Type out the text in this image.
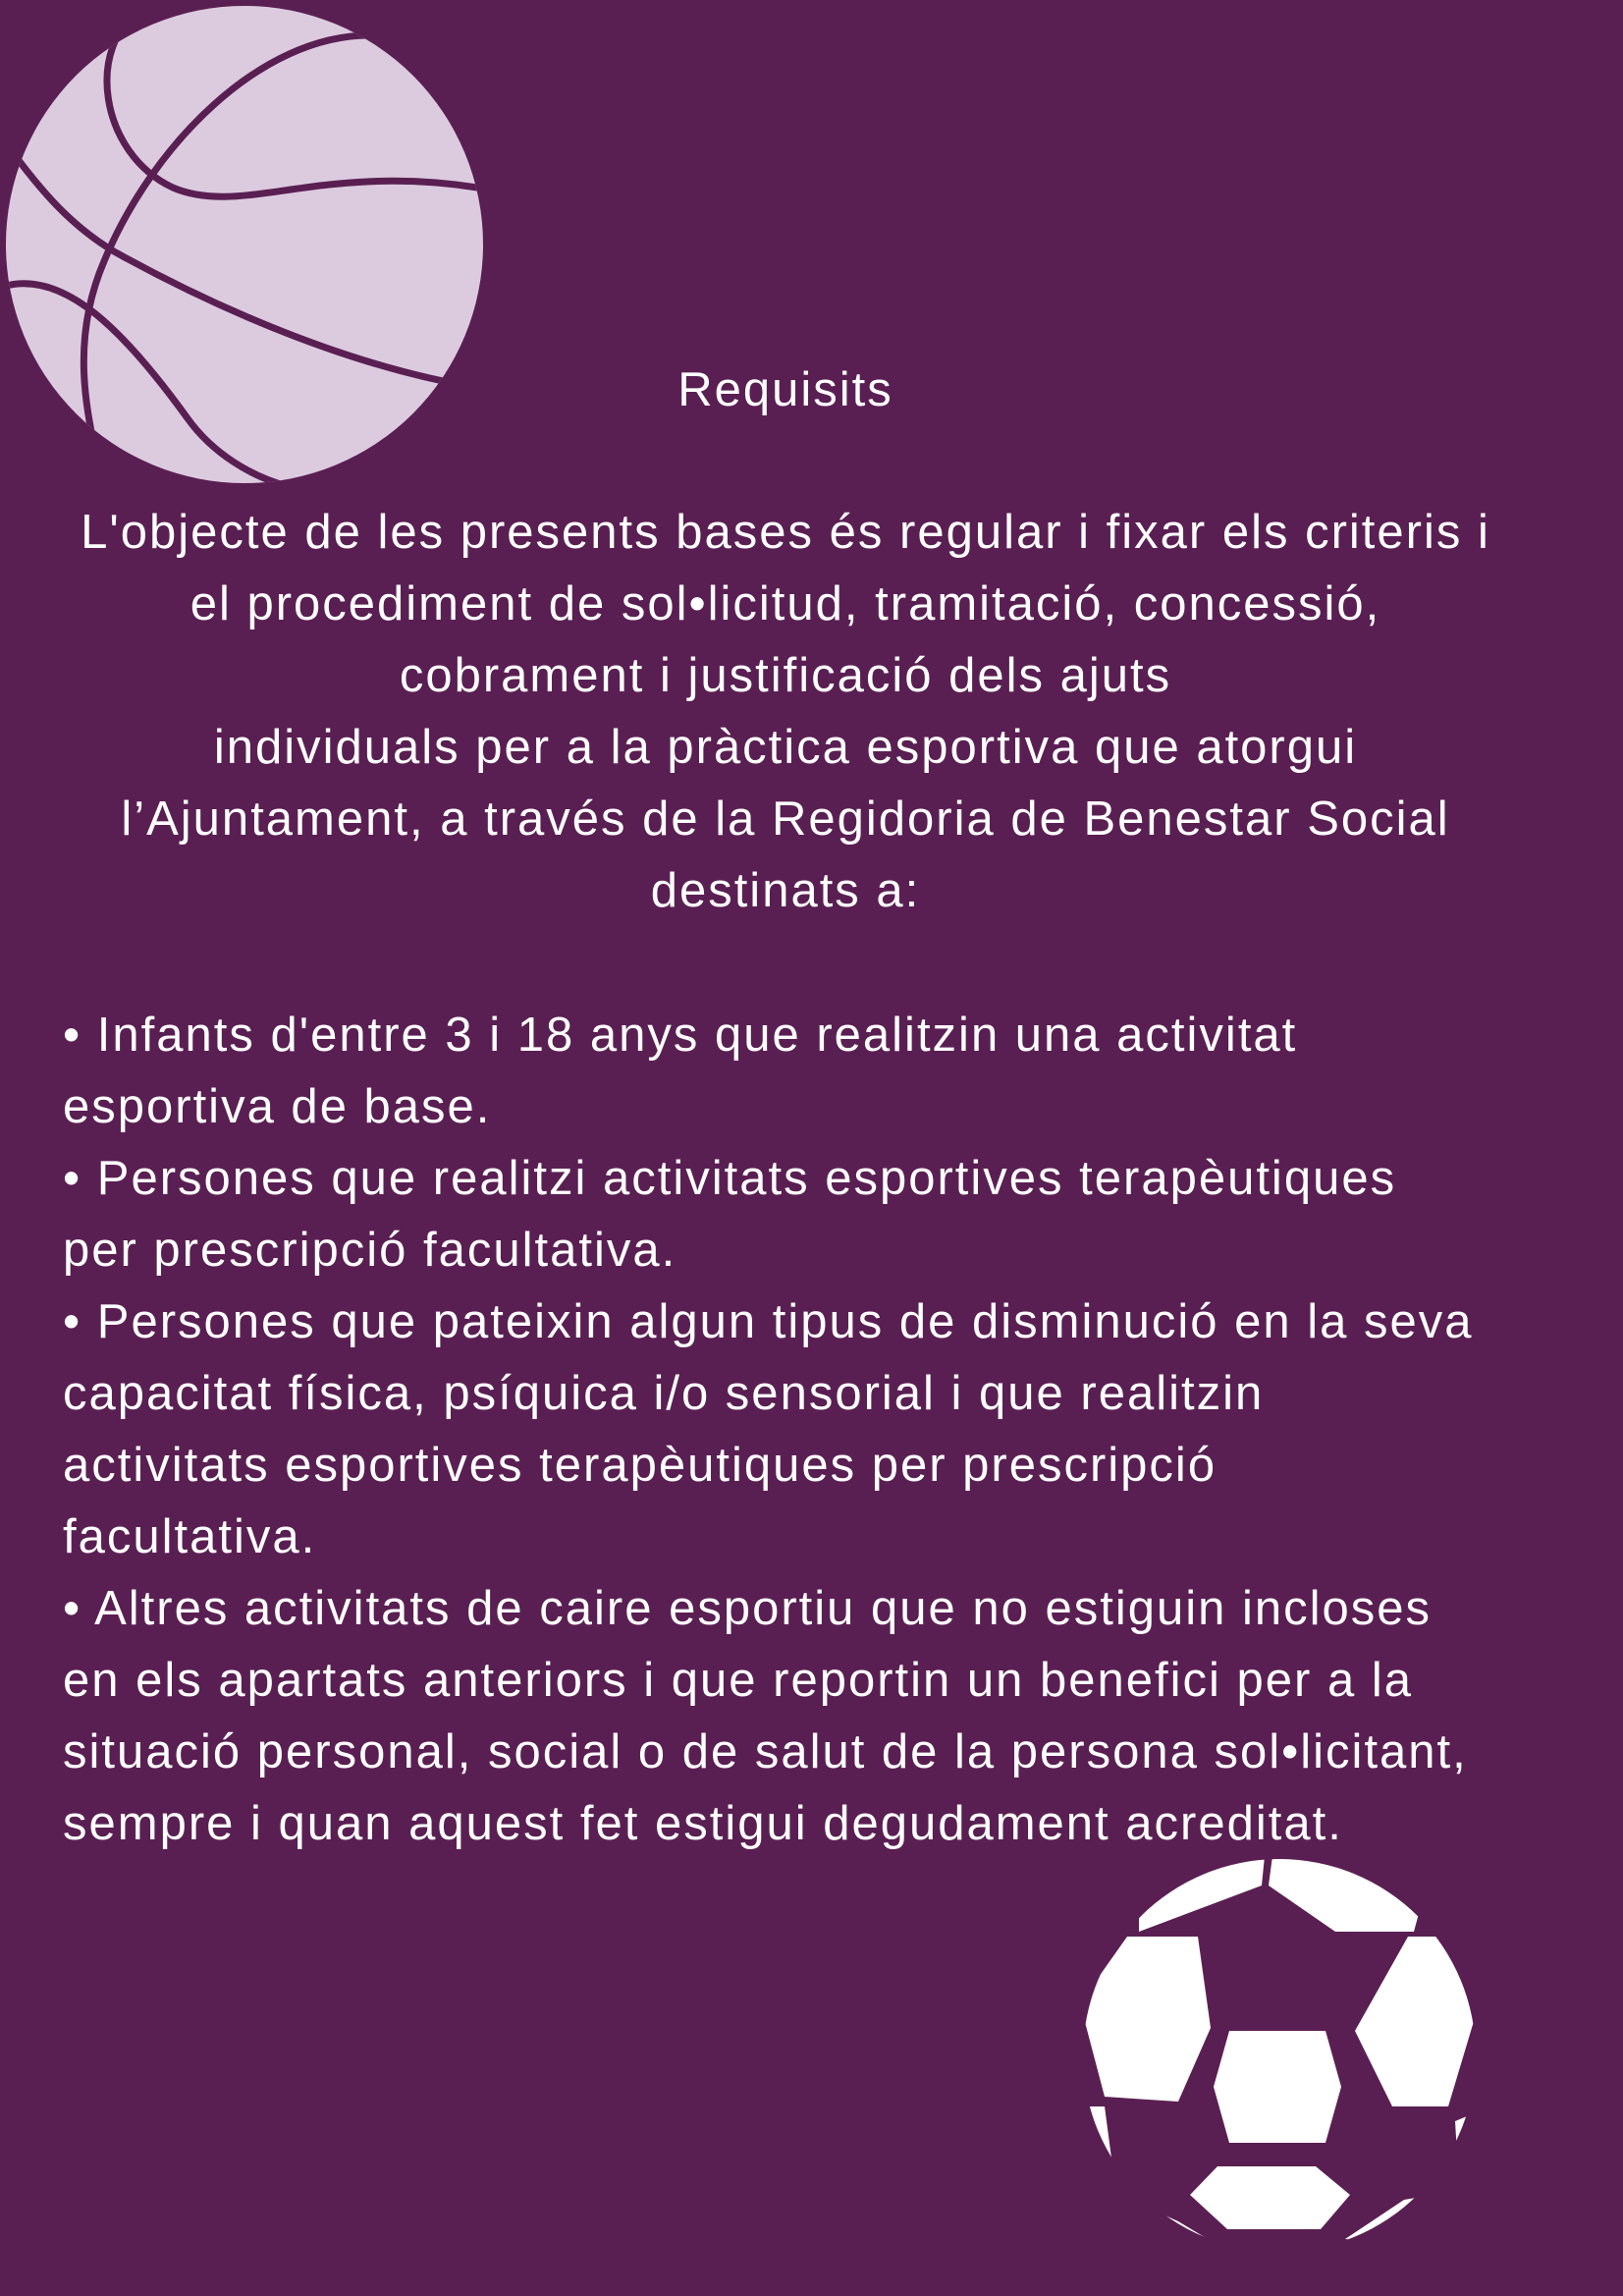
Requisits

L'objecte de les presents bases és regular i fixar els criteris i
el procediment de sol•licitud, tramitació, concessió,
cobrament i justificació dels ajuts
individuals per a la pràctica esportiva que atorgui
l’Ajuntament, a través de la Regidoria de Benestar Social
destinats a:

• Infants d'entre 3 i 18 anys que realitzin una activitat
esportiva de base.
• Persones que realitzi activitats esportives terapèutiques
per prescripció facultativa.
• Persones que pateixin algun tipus de disminució en la seva
capacitat física, psíquica i/o sensorial i que realitzin
activitats esportives terapèutiques per prescripció
facultativa.
• Altres activitats de caire esportiu que no estiguin incloses
en els apartats anteriors i que reportin un benefici per a la
situació personal, social o de salut de la persona sol•licitant,
sempre i quan aquest fet estigui degudament acreditat.
